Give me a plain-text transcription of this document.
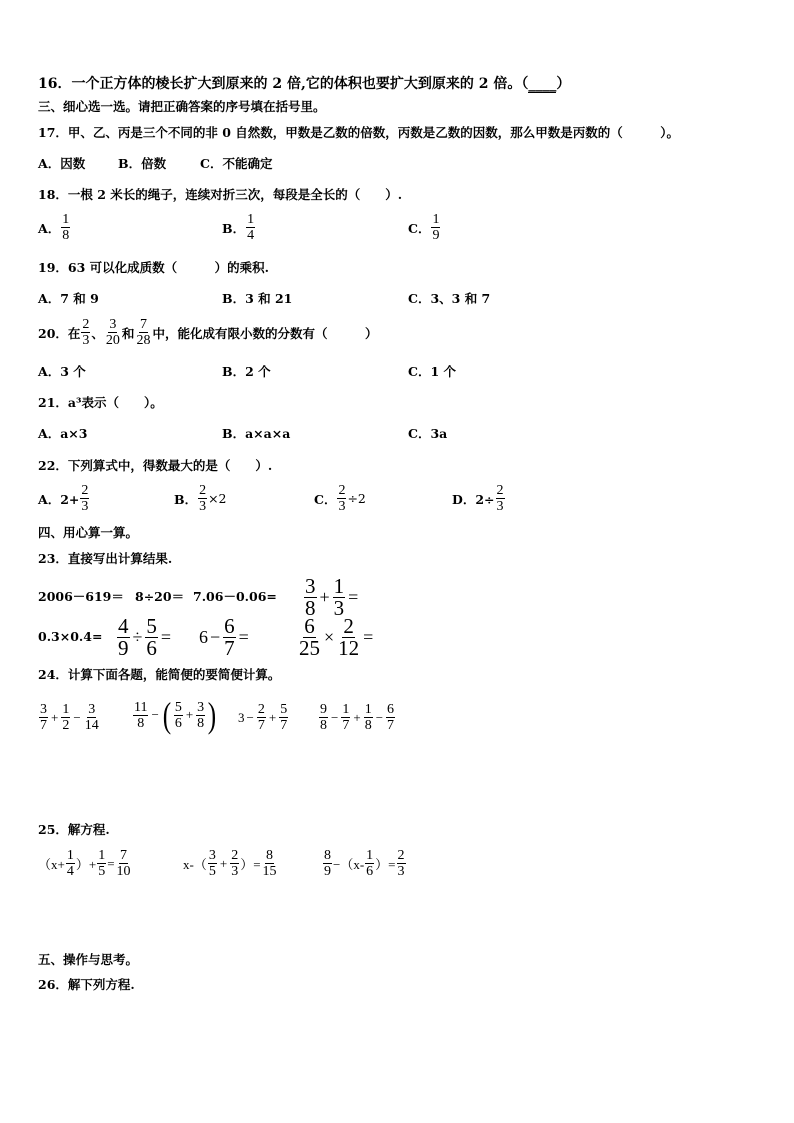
16．一个正方体的棱长扩大到原来的 2 倍,它的体积也要扩大到原来的 2 倍。（____）
三、细心选一选。请把正确答案的序号填在括号里。
17．甲、乙、丙是三个不同的非 0 自然数，甲数是乙数的倍数，丙数是乙数的因数，那么甲数是丙数的（　　　）。
A．因数	B．倍数	C．不能确定
18．一根 2 米长的绳子，连续对折三次，每段是全长的（　　）.
A． $\frac{1}{8}$	B． $\frac{1}{4}$	C． $\frac{1}{9}$
19．63 可以化成质数（　　　）的乘积.
A．7 和 9	B．3 和 21	C．3、3 和 7
20．在 $\frac{2}{3}$ 、 $\frac{3}{20}$ 和 $\frac{7}{28}$ 中，能化成有限小数的分数有（　　　）
A．3 个	B．2 个	C．1 个
21．a³表示（　　）。
A．a×3	B．a×a×a	C．3a
22．下列算式中，得数最大的是（　　）.
A．$2+ \frac{2}{3}$	B． $\frac{2}{3} \times 2$	C． $\frac{2}{3} \div 2$	D．$2\div \frac{2}{3}$
四、用心算一算。
23．直接写出计算结果.
$2006-619= 8\div 20= 7.06-0.06= \frac{3}{8} + \frac{1}{3}$ =
$0.3\times 0.4= \frac{4}{9} \div \frac{5}{6} = 6 - \frac{6}{7} = \frac{6}{25} \times \frac{2}{12}$ =
24．计算下面各题，能简便的要简便计算。
$\frac{3}{7} + \frac{1}{2} - \frac{3}{14} \frac{11}{8}$ − ( $\frac{5}{6} + \frac{3}{8}$ ) $3 - \frac{2}{7} + \frac{5}{7} \frac{9}{8} - \frac{1}{7} + \frac{1}{8} - \frac{6}{7}$
25．解方程.
（$x+ \frac{1}{4}$ ）+ $\frac{1}{5} = \frac{7}{10}$	$x-( \frac{3}{5} + \frac{2}{3}$ ）= $\frac{8}{15}$	$\frac{8}{9} -(x- \frac{1}{6}$ ）= $\frac{2}{3}$
五、操作与思考。
26．解下列方程.
